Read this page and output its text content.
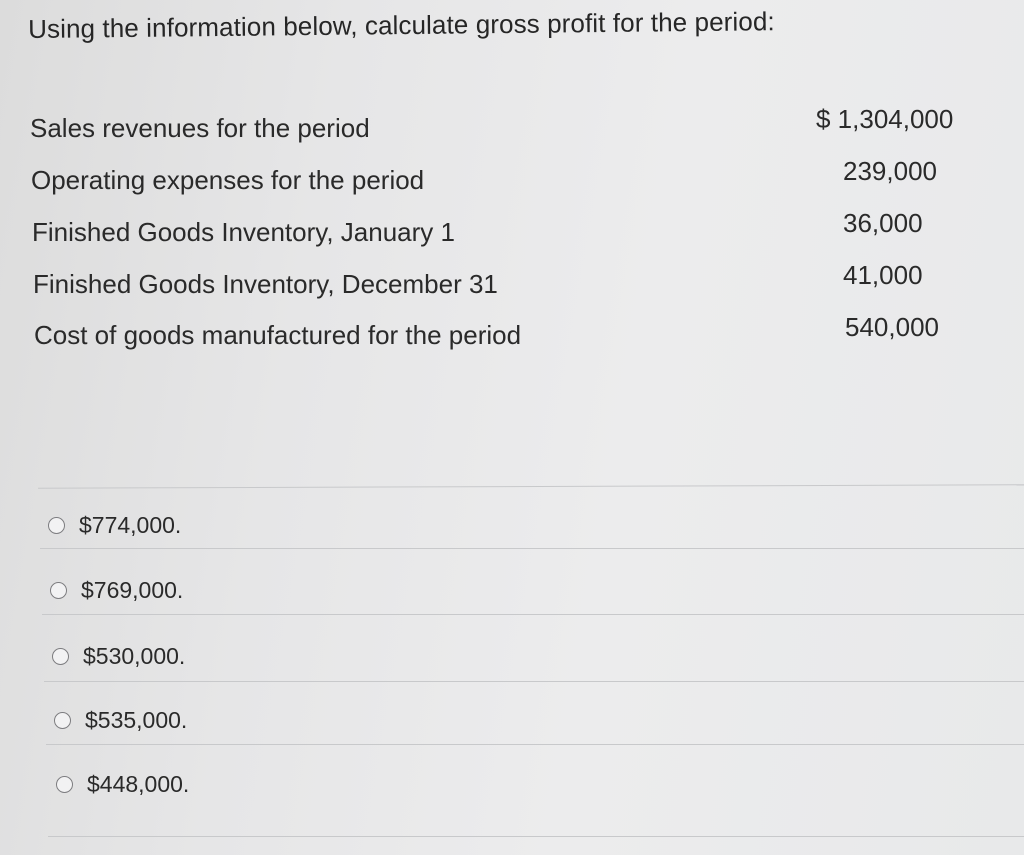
Using the information below, calculate gross profit for the period:
Sales revenues for the period	$ 1,304,000
Operating expenses for the period	239,000
Finished Goods Inventory, January 1	36,000
Finished Goods Inventory, December 31	41,000
Cost of goods manufactured for the period	540,000
$774,000.
$769,000.
$530,000.
$535,000.
$448,000.
